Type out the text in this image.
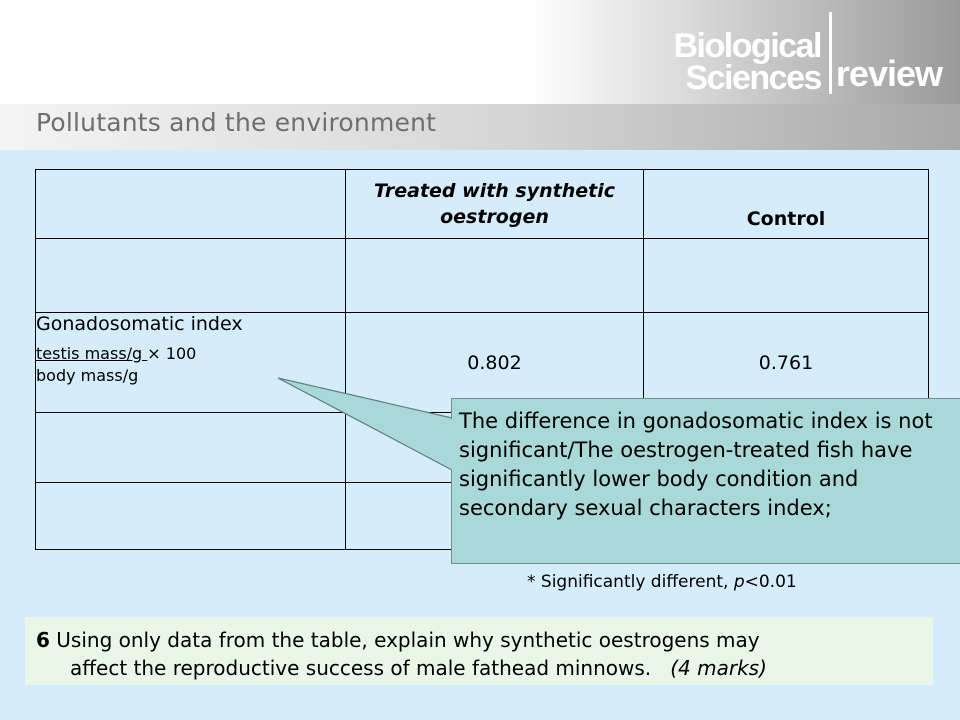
Biological
Sciences review
Pollutants and the environment
	Treated with synthetic oestrogen	Control

Gonadosomatic index
testis mass/g × 100
body mass/g	0.802	0.761

The difference in gonadosomatic index is not significant/The oestrogen-treated fish have significantly lower body condition and secondary sexual characters index;
* Significantly different, p<0.01
6 Using only data from the table, explain why synthetic oestrogens may
affect the reproductive success of male fathead minnows. (4 marks)
